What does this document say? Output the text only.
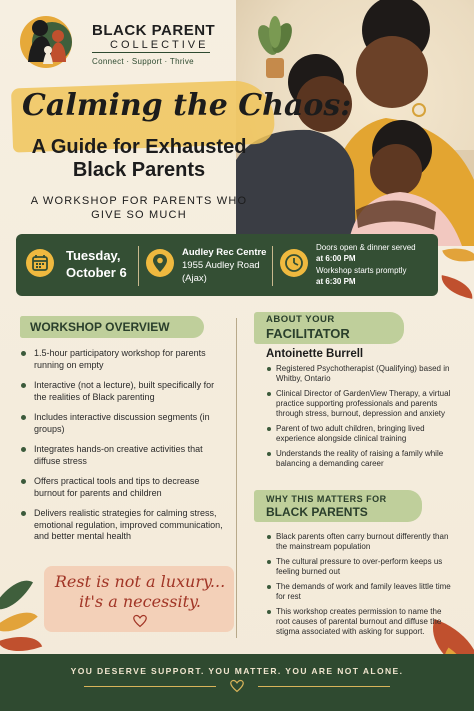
BLACK PARENT
COLLECTIVE
Connect · Support · Thrive
Calming the Chaos:
A Guide for Exhausted Black Parents
A WORKSHOP FOR PARENTS WHO GIVE SO MUCH
Tuesday,
October 6
Audley Rec Centre
1955 Audley Road
(Ajax)
Doors open & dinner served
at 6:00 PM
Workshop starts promptly
at 6:30 PM
WORKSHOP OVERVIEW
1.5-hour participatory workshop for parents running on empty
Interactive (not a lecture), built specifically for the realities of Black parenting
Includes interactive discussion segments (in groups)
Integrates hands-on creative activities that diffuse stress
Offers practical tools and tips to decrease burnout for parents and children
Delivers realistic strategies for calming stress, emotional regulation, improved communication, and better mental health
ABOUT YOUR
FACILITATOR
Antoinette Burrell
Registered Psychotherapist (Qualifying) based in Whitby, Ontario
Clinical Director of GardenView Therapy, a virtual practice supporting professionals and parents through stress, burnout, depression and anxiety
Parent of two adult children, bringing lived experience alongside clinical training
Understands the reality of raising a family while balancing a demanding career
WHY THIS MATTERS FOR
BLACK PARENTS
Black parents often carry burnout differently than the mainstream population
The cultural pressure to over-perform keeps us feeling burned out
The demands of work and family leaves little time for rest
This workshop creates permission to name the root causes of parental burnout and diffuse the stigma associated with asking for support.
Rest is not a luxury...
it's a necessity.
YOU DESERVE SUPPORT. YOU MATTER. YOU ARE NOT ALONE.
